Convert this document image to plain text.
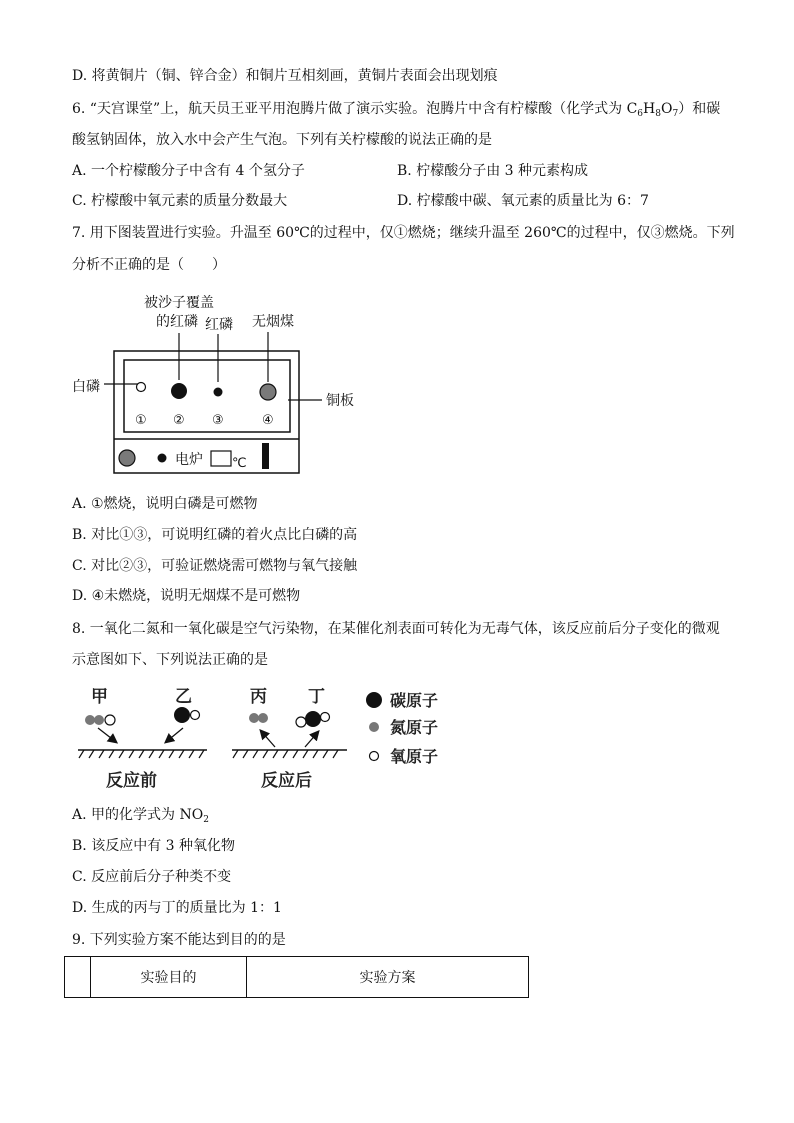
D. 将黄铜片（铜、锌合金）和铜片互相刻画，黄铜片表面会出现划痕
6. “天宫课堂”上，航天员王亚平用泡腾片做了演示实验。泡腾片中含有柠檬酸（化学式为 $C_6H_8O_7$）和碳
酸氢钠固体，放入水中会产生气泡。下列有关柠檬酸的说法正确的是
A. 一个柠檬酸分子中含有 4 个氢分子	B. 柠檬酸分子由 3 种元素构成
C. 柠檬酸中氧元素的质量分数最大	D. 柠檬酸中碳、氧元素的质量比为 6：7
7. 用下图装置进行实验。升温至 60℃的过程中，仅①燃烧；继续升温至 260℃的过程中，仅③燃烧。下列
分析不正确的是（　　）
被沙子覆盖
的红磷 红磷 无烟煤
白磷
铜板
① ② ③	④
电炉 ℃
A. ①燃烧，说明白磷是可燃物
B. 对比①③，可说明红磷的着火点比白磷的高
C. 对比②③，可验证燃烧需可燃物与氧气接触
D. ④未燃烧，说明无烟煤不是可燃物
8. 一氧化二氮和一氧化碳是空气污染物，在某催化剂表面可转化为无毒气体，该反应前后分子变化的微观
示意图如下、下列说法正确的是
甲	乙	丙 丁
反应前	反应后
碳原子
氮原子
氧原子
A. 甲的化学式为 $NO_2$
B. 该反应中有 3 种氧化物
C. 反应前后分子种类不变
D. 生成的丙与丁的质量比为 1：1
9. 下列实验方案不能达到目的的是
	实验目的	实验方案
